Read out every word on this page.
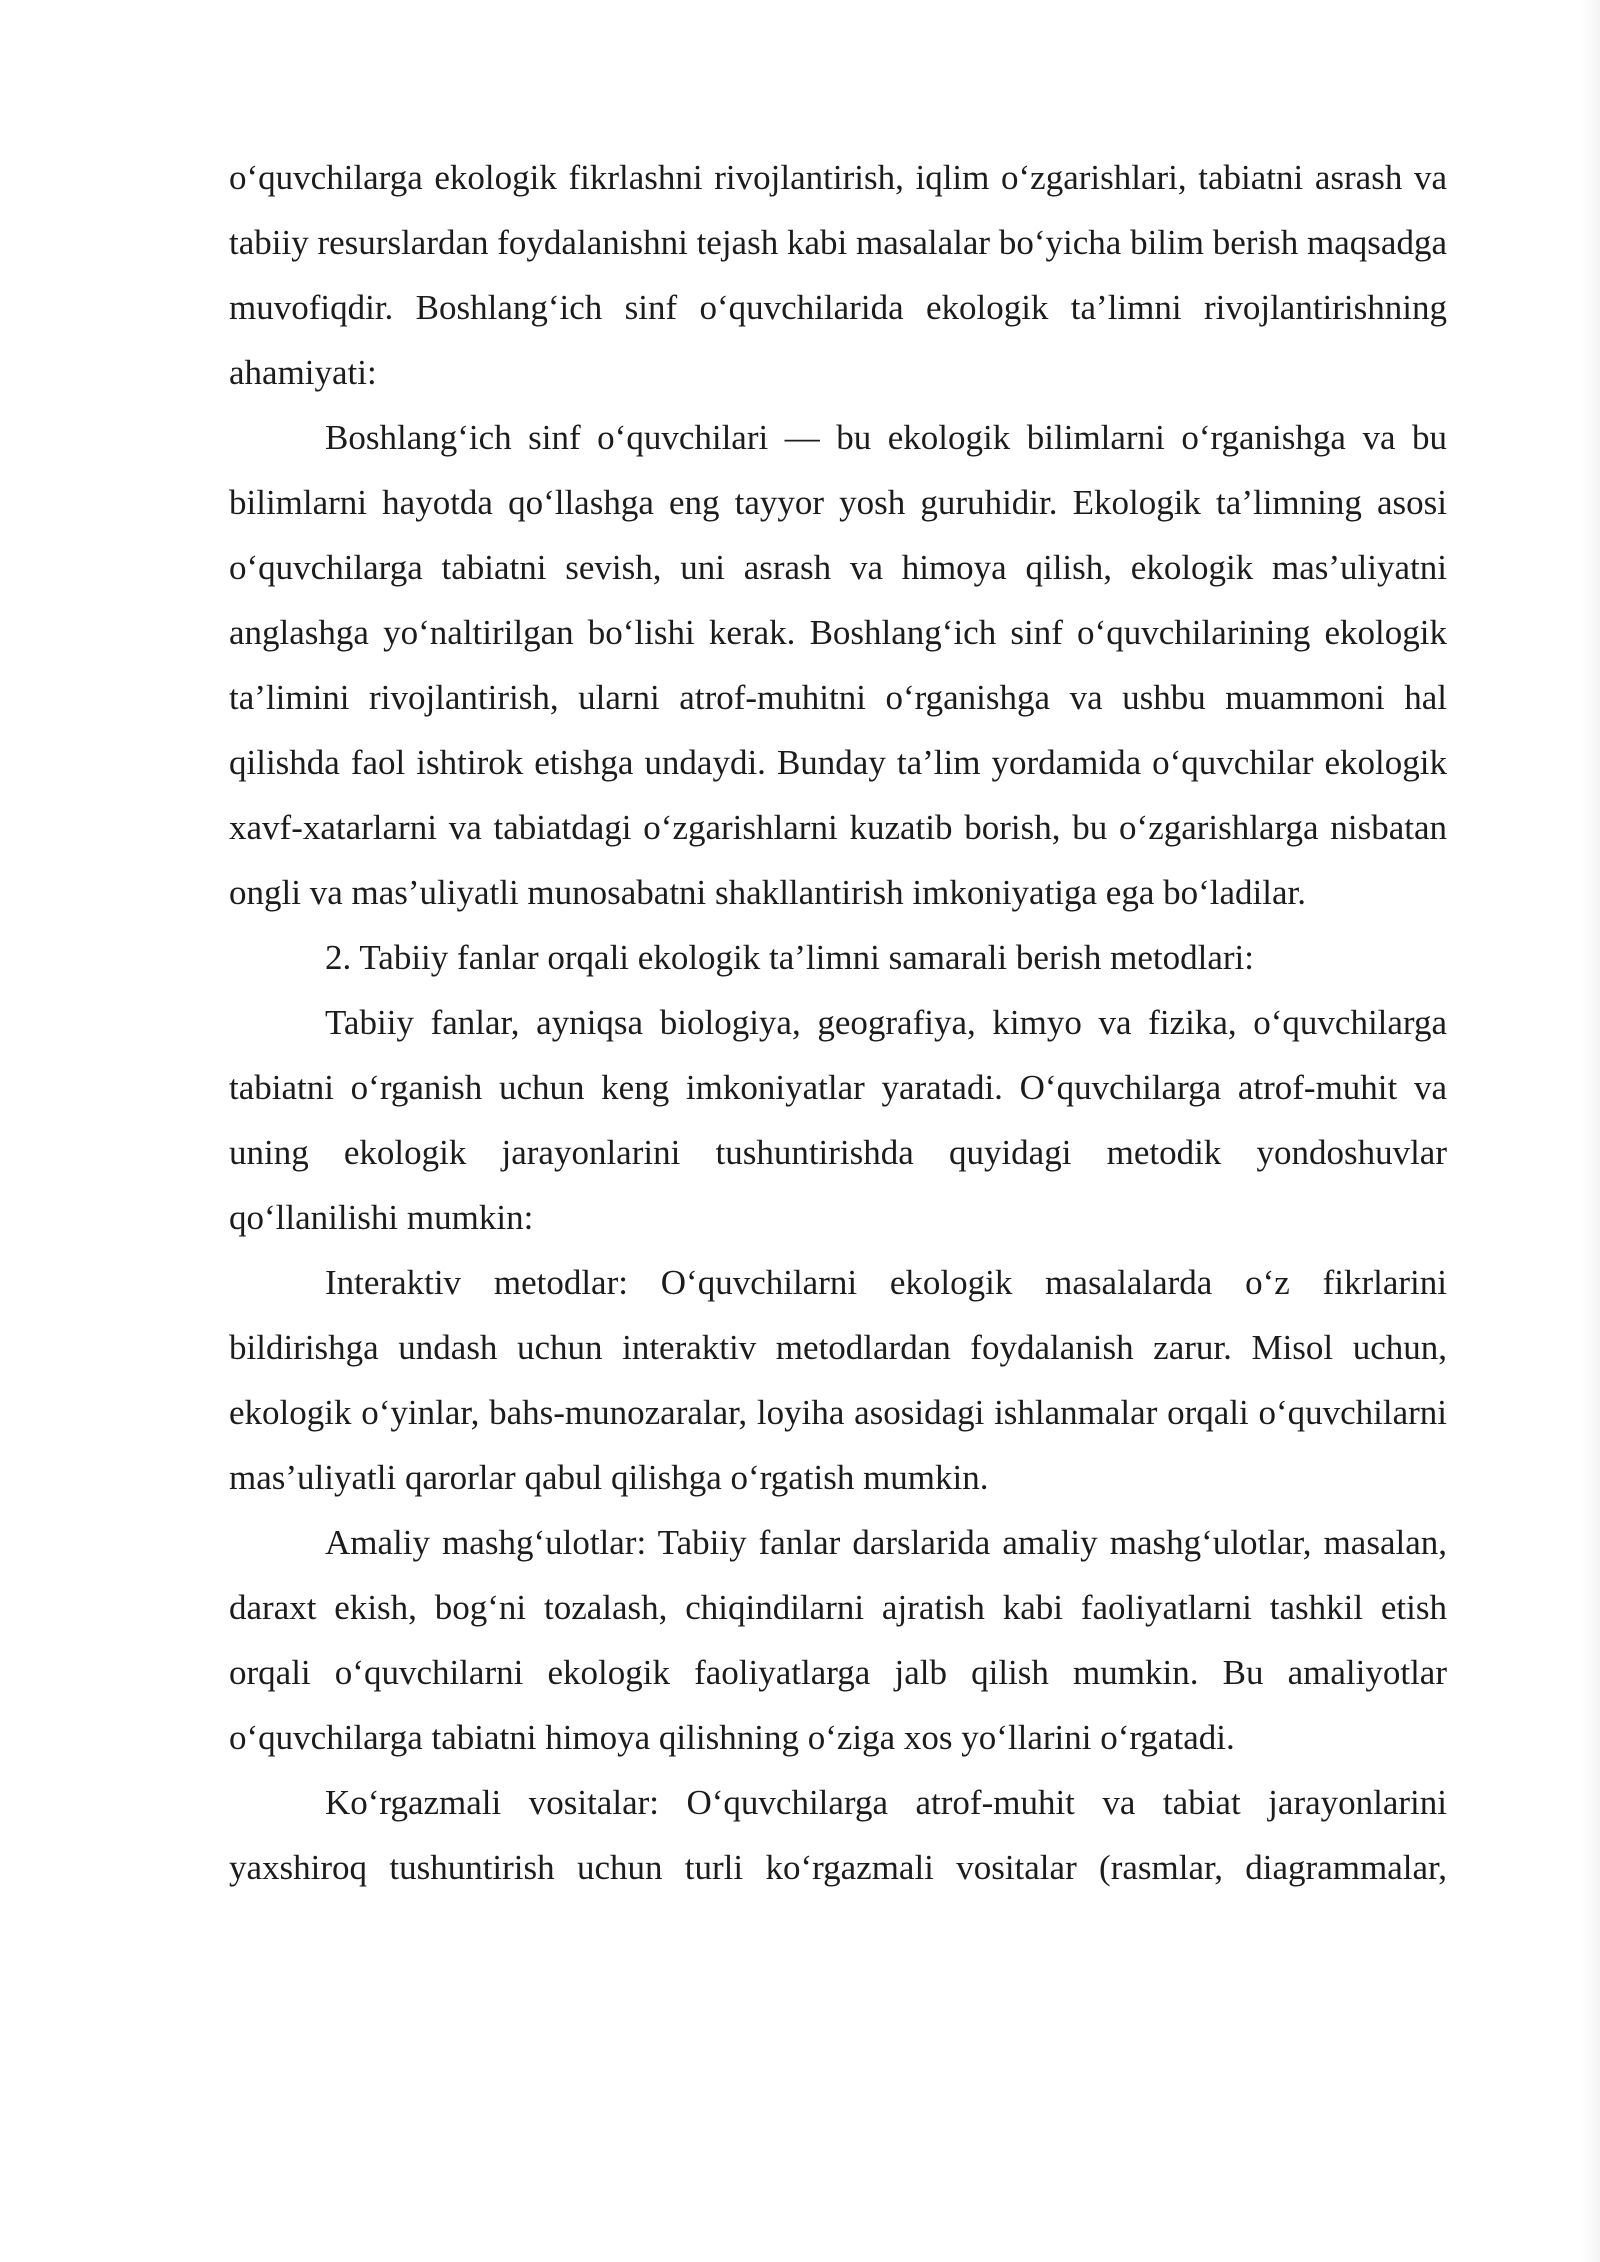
o‘quvchilarga ekologik fikrlashni rivojlantirish, iqlim o‘zgarishlari, tabiatni asrash va tabiiy resurslardan foydalanishni tejash kabi masalalar bo‘yicha bilim berish maqsadga muvofiqdir. Boshlang‘ich sinf o‘quvchilarida ekologik ta’limni rivojlantirishning ahamiyati:

Boshlang‘ich sinf o‘quvchilari — bu ekologik bilimlarni o‘rganishga va bu bilimlarni hayotda qo‘llashga eng tayyor yosh guruhidir. Ekologik ta’limning asosi o‘quvchilarga tabiatni sevish, uni asrash va himoya qilish, ekologik mas’uliyatni anglashga yo‘naltirilgan bo‘lishi kerak. Boshlang‘ich sinf o‘quvchilarining ekologik ta’limini rivojlantirish, ularni atrof-muhitni o‘rganishga va ushbu muammoni hal qilishda faol ishtirok etishga undaydi. Bunday ta’lim yordamida o‘quvchilar ekologik xavf-xatarlarni va tabiatdagi o‘zgarishlarni kuzatib borish, bu o‘zgarishlarga nisbatan ongli va mas’uliyatli munosabatni shakllantirish imkoniyatiga ega bo‘ladilar.

2. Tabiiy fanlar orqali ekologik ta’limni samarali berish metodlari:

Tabiiy fanlar, ayniqsa biologiya, geografiya, kimyo va fizika, o‘quvchilarga tabiatni o‘rganish uchun keng imkoniyatlar yaratadi. O‘quvchilarga atrof-muhit va uning ekologik jarayonlarini tushuntirishda quyidagi metodik yondoshuvlar qo‘llanilishi mumkin:

Interaktiv metodlar: O‘quvchilarni ekologik masalalarda o‘z fikrlarini bildirishga undash uchun interaktiv metodlardan foydalanish zarur. Misol uchun, ekologik o‘yinlar, bahs-munozaralar, loyiha asosidagi ishlanmalar orqali o‘quvchilarni mas’uliyatli qarorlar qabul qilishga o‘rgatish mumkin.

Amaliy mashg‘ulotlar: Tabiiy fanlar darslarida amaliy mashg‘ulotlar, masalan, daraxt ekish, bog‘ni tozalash, chiqindilarni ajratish kabi faoliyatlarni tashkil etish orqali o‘quvchilarni ekologik faoliyatlarga jalb qilish mumkin. Bu amaliyotlar o‘quvchilarga tabiatni himoya qilishning o‘ziga xos yo‘llarini o‘rgatadi.

Ko‘rgazmali vositalar: O‘quvchilarga atrof-muhit va tabiat jarayonlarini yaxshiroq tushuntirish uchun turli ko‘rgazmali vositalar (rasmlar, diagrammalar,
